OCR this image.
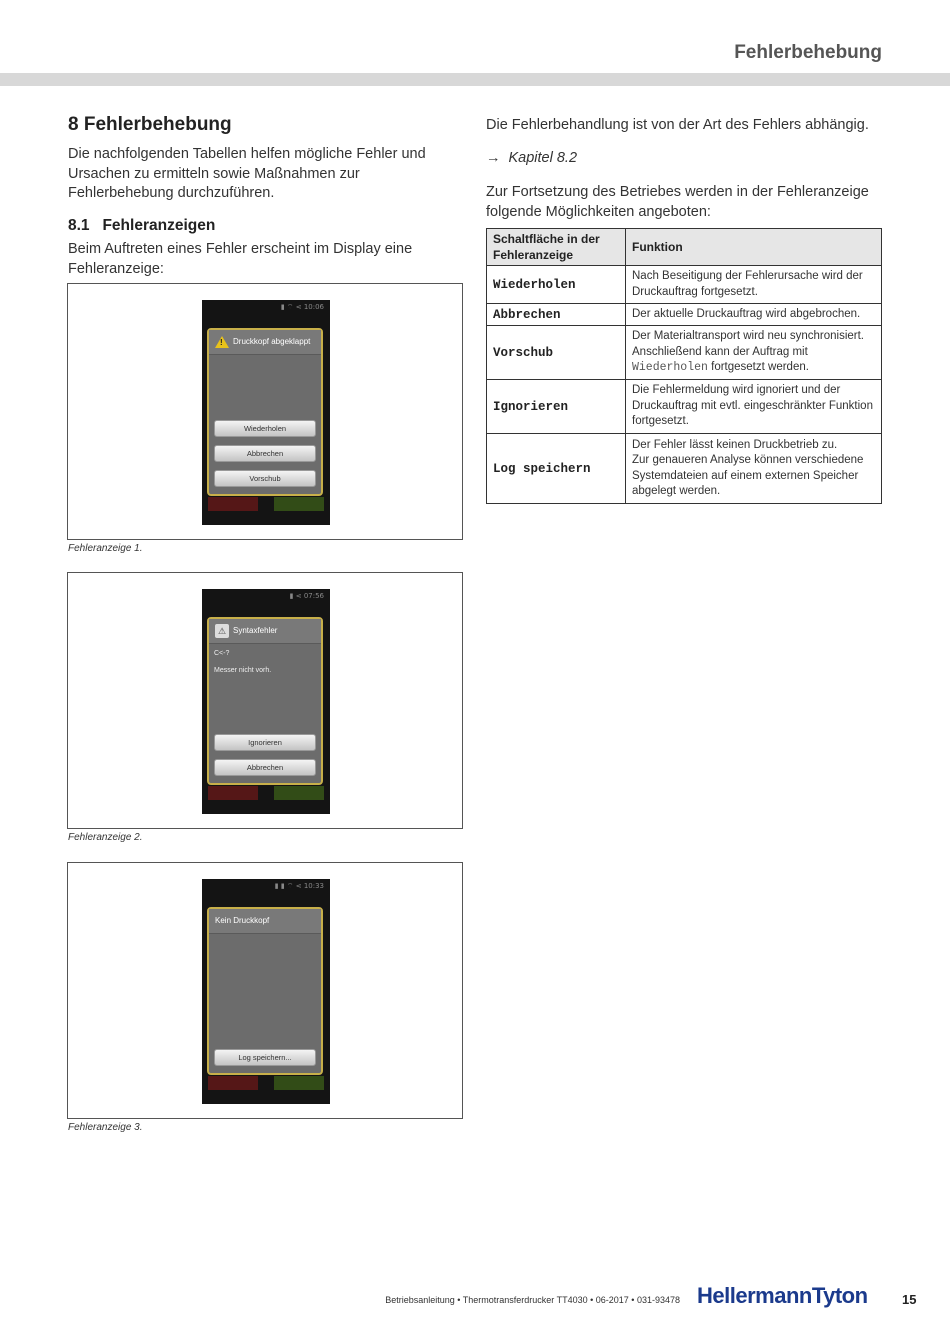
Fehlerbehebung
8 Fehlerbehebung
Die nachfolgenden Tabellen helfen mögliche Fehler und Ursachen zu ermitteln sowie Maßnahmen zur Fehlerbehebung durchzuführen.
8.1   Fehleranzeigen
Beim Auftreten eines Fehler erscheint im Display eine Fehleranzeige:
▮ ⌔ ⋖ 10:06
! Druckkopf abgeklappt
Wiederholen
Abbrechen
Vorschub
Fehleranzeige 1.
▮ ⋖ 07:56
⚠ Syntaxfehler
C<-?
Messer nicht vorh.
Ignorieren
Abbrechen
Fehleranzeige 2.
▮ ▮ ⌔ ⋖ 10:33
Kein Druckkopf
Log speichern...
Fehleranzeige 3.
Die Fehlerbehandlung ist von der Art des Fehlers abhängig.
→ Kapitel 8.2
Zur Fortsetzung des Betriebes werden in der Fehleranzeige folgende Möglichkeiten angeboten:
Schaltfläche in der Fehleranzeige	Funktion
Wiederholen	Nach Beseitigung der Fehlerursache wird der Druckauftrag fortgesetzt.
Abbrechen	Der aktuelle Druckauftrag wird abgebrochen.
Vorschub	Der Materialtransport wird neu synchronisiert. Anschließend kann der Auftrag mit Wiederholen fortgesetzt werden.
Ignorieren	Die Fehlermeldung wird ignoriert und der Druckauftrag mit evtl. eingeschränkter Funktion fortgesetzt.
Log speichern	Der Fehler lässt keinen Druckbetrieb zu.
Zur genaueren Analyse können verschiedene Systemdateien auf einem externen Speicher abgelegt werden.
Betriebsanleitung • Thermotransferdrucker TT4030 • 06-2017 • 031-93478 HellermannTyton	15
